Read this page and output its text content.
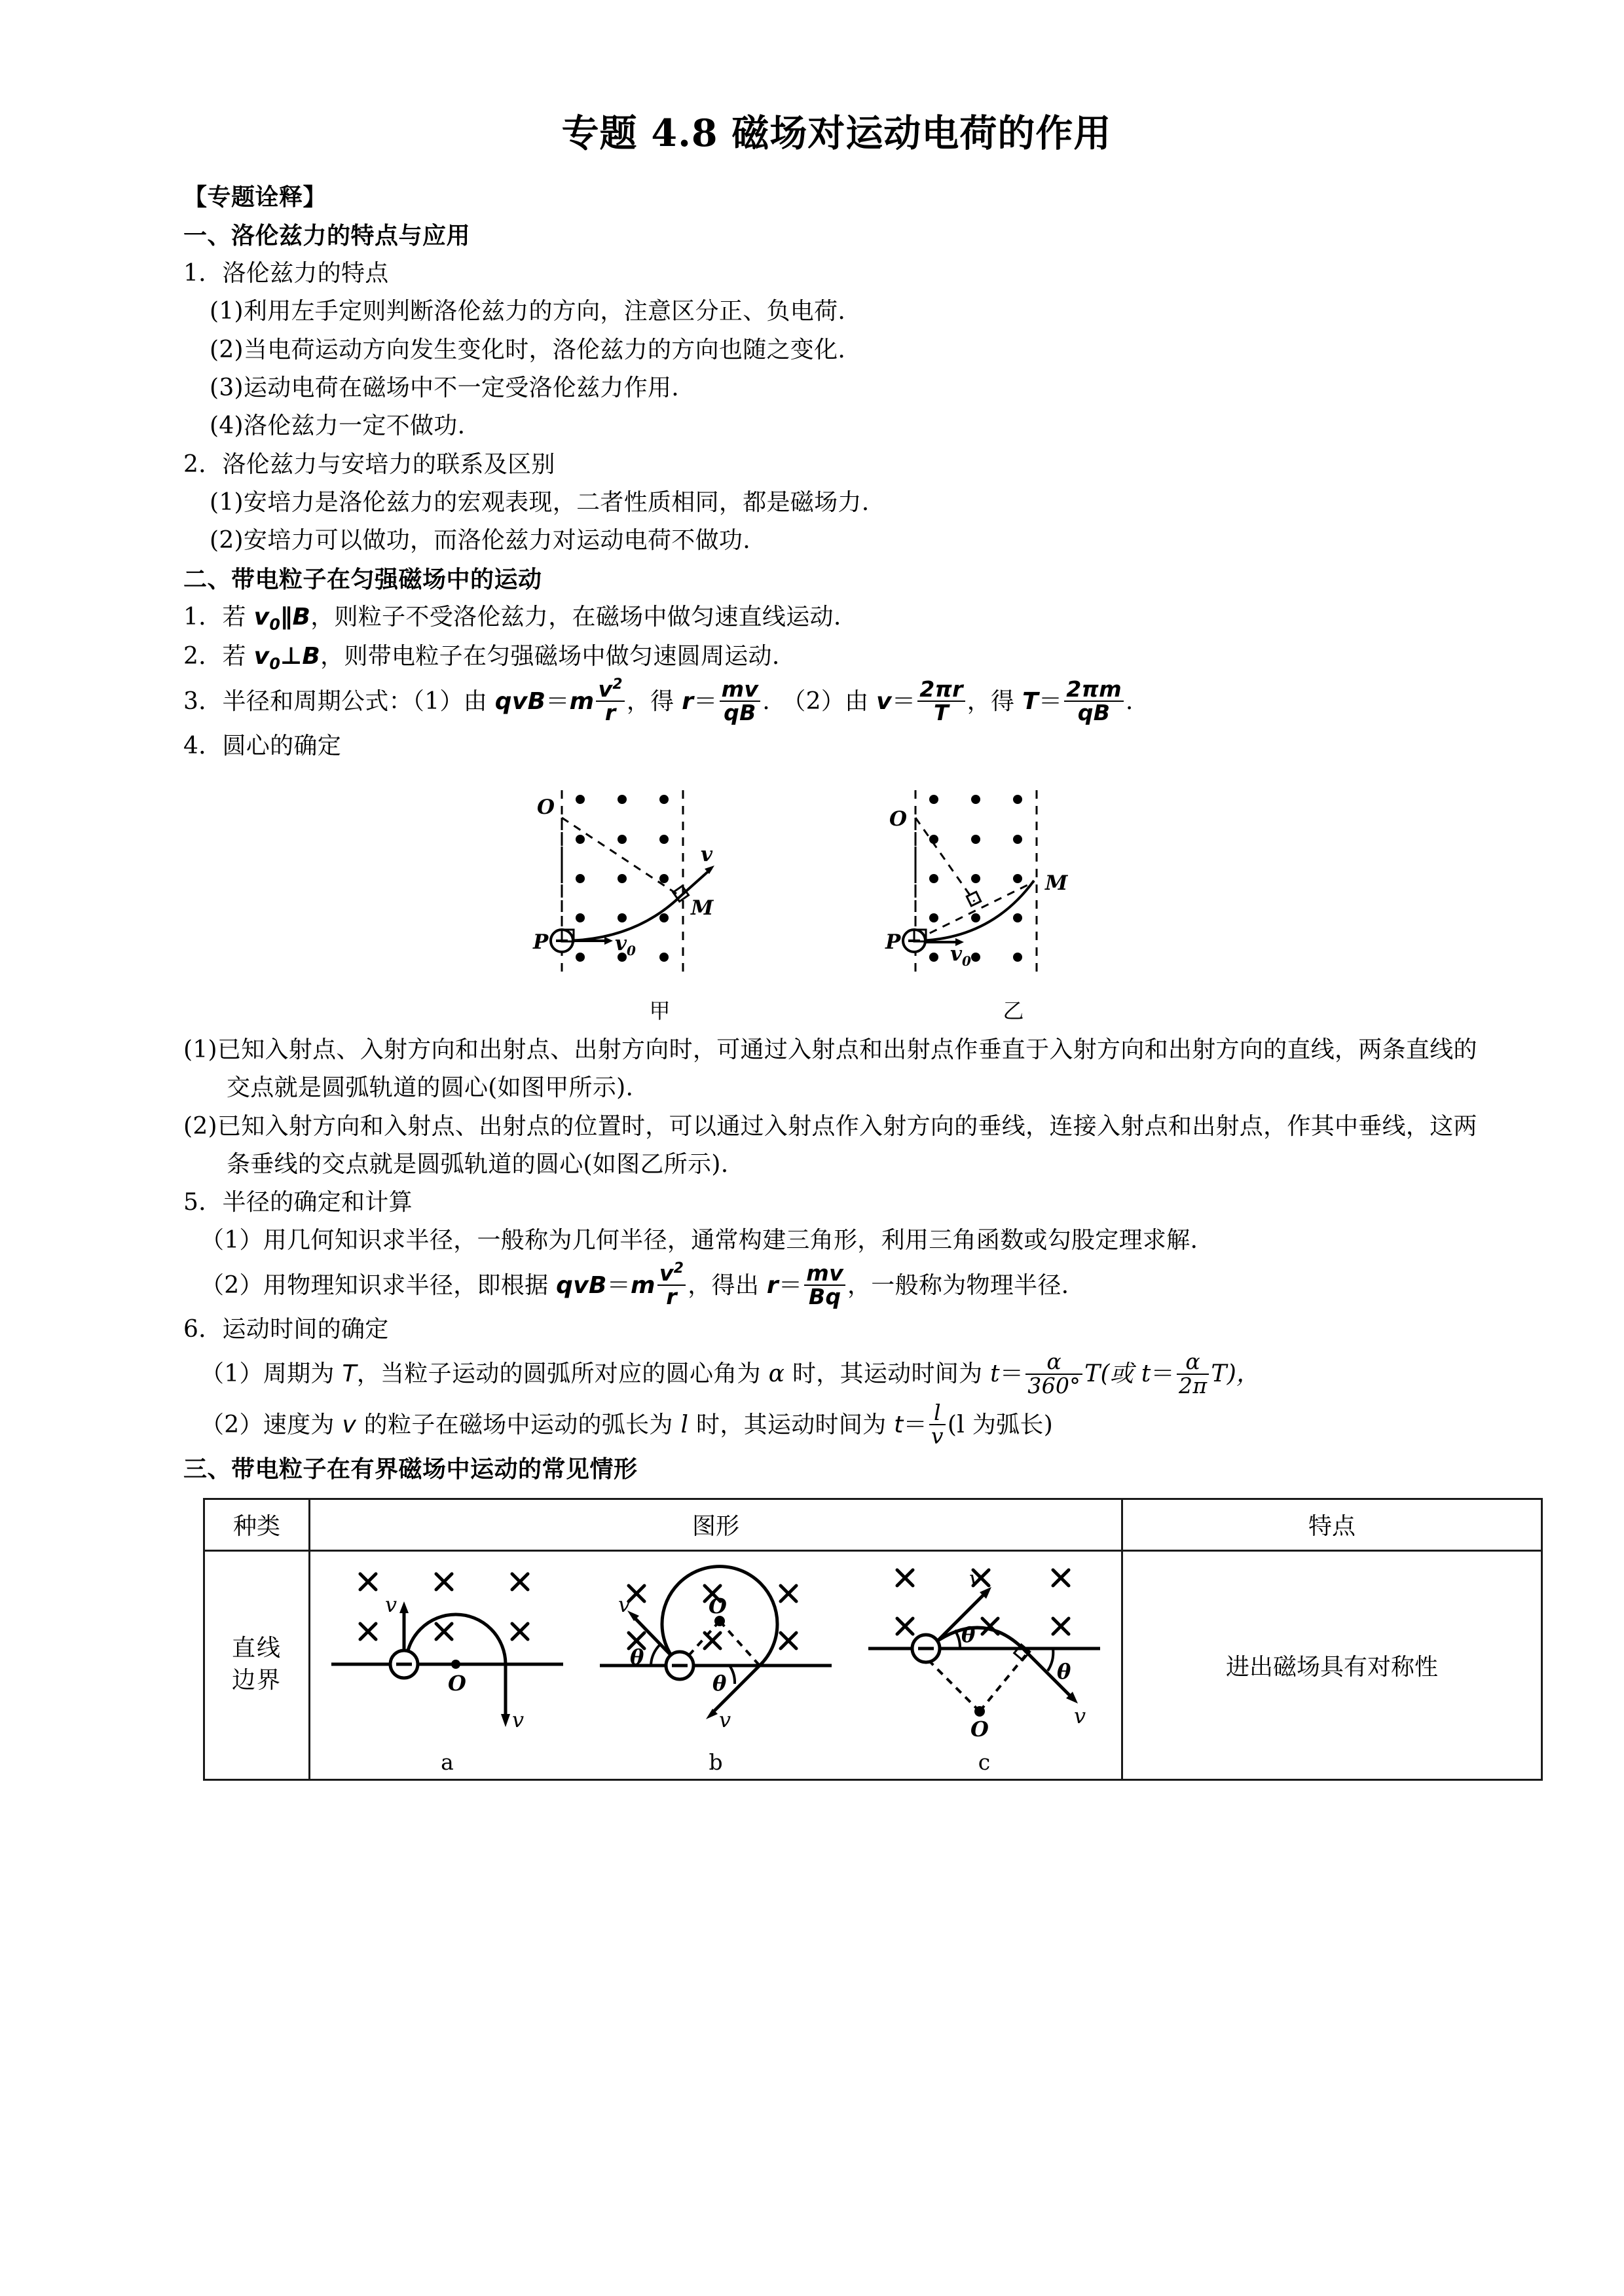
专题 4.8 磁场对运动电荷的作用
【专题诠释】
一、洛伦兹力的特点与应用
1．洛伦兹力的特点
(1)利用左手定则判断洛伦兹力的方向，注意区分正、负电荷.
(2)当电荷运动方向发生变化时，洛伦兹力的方向也随之变化.
(3)运动电荷在磁场中不一定受洛伦兹力作用.
(4)洛伦兹力一定不做功.
2．洛伦兹力与安培力的联系及区别
(1)安培力是洛伦兹力的宏观表现，二者性质相同，都是磁场力.
(2)安培力可以做功，而洛伦兹力对运动电荷不做功.
二、带电粒子在匀强磁场中的运动
1．若 $v_0\parallel B$，则粒子不受洛伦兹力，在磁场中做匀速直线运动.
2．若 $v_0\perp B$，则带电粒子在匀强磁场中做匀速圆周运动.
3．半径和周期公式：（1）由 $qvB=m \frac{v^2}{r}$ ，得 $r= \frac{mv}{qB}$ .　（2）由 $v= \frac{2\pi r}{T}$ ，得 $T= \frac{2\pi m}{qB}$ .
4．圆心的确定
O
P
M
v
$v_0$
甲
O
P
M
$v_0$
乙
(1)已知入射点、入射方向和出射点、出射方向时，可通过入射点和出射点作垂直于入射方向和出射方向的直线，两条直线的交点就是圆弧轨道的圆心(如图甲所示).
(2)已知入射方向和入射点、出射点的位置时，可以通过入射点作入射方向的垂线，连接入射点和出射点，作其中垂线，这两条垂线的交点就是圆弧轨道的圆心(如图乙所示).
5．半径的确定和计算
（1）用几何知识求半径，一般称为几何半径，通常构建三角形，利用三角函数或勾股定理求解.
（2）用物理知识求半径，即根据 $qvB=m \frac{v^2}{r}$ ，得出 $r= \frac{mv}{Bq}$ ，一般称为物理半径.
6．运动时间的确定
（1）周期为 T，当粒子运动的圆弧所对应的圆心角为 α 时，其运动时间为 $t= \frac{\alpha}{360^\circ} T$(或 $t= \frac{\alpha}{2\pi} T$)，
（2）速度为 v 的粒子在磁场中运动的弧长为 l 时，其运动时间为 $t= \frac{l}{v} (l$ 为弧长)
三、带电粒子在有界磁场中运动的常见情形
种类	图形	特点

直线
边界	O
v
v
a
O
v
v
θ
θ
b
O
v
v
θ
θ
c
	进出磁场具有对称性
